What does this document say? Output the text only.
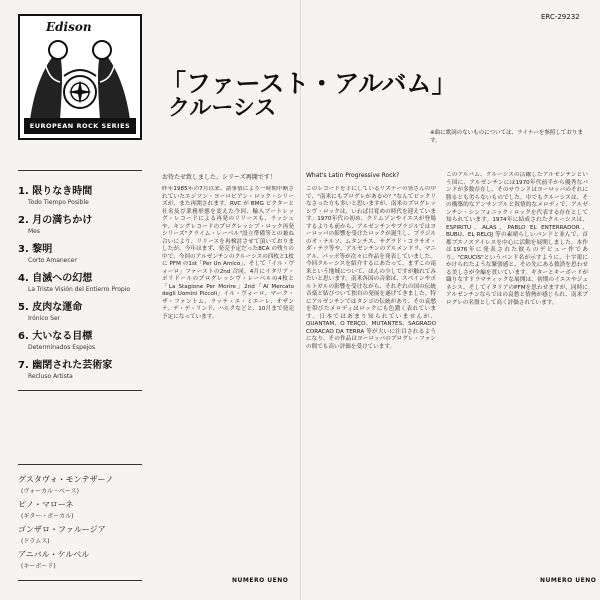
Edison
EUROPEAN ROCK SERIES
「ファースト・アルバム」
クルーシス
ERC-29232
※曲に歌詞のないものについては、ライナーを参照しております。
1. 限りなき時間
Todo Tiempo Posible
2. 月の満ちかけ
Mes
3. 黎明
Corto Amanecer
4. 自滅への幻想
La Triste Visión del Entierro Propio
5. 皮肉な運命
Irónico Ser
6. 大いなる目標
Determinados Espejos
7. 幽閉された芸術家
Recluso Artista
グスタヴォ・モンテザーノ
(ヴォーカル・ベース)
ピノ・マローネ
(ギター・ボーカル)
ゴンザロ・ファルージア
(ドラムス)
アニバル・ケルベル
(キーボード)
お待たせ致しました、シリーズ再開です！
昨年1985年の7月以来、諸事情により一時期中断されていたエジソン・ヨーロピアン・ロック・シリーズが、また再開されます。RVC が BMG ビクターと社名及び業務形態を変えた今回、輸入ブートレッグ・レコードによる再発のリリースも、ラッシュや、キングレコードのプログレッシブ・ロック再発シリーズ"クライム・レーベル"設立準備等との兼ね合いにより、リリースを再検討させて頂いておりましたが、今年はまず、発売予定だった8CA の残りの中で、今回のアルゼンチンのクルーシスの四枚と1枚に PFM の1st「Per Un Amico」、そして「イル・ヴォーロ」ファーストの2nd 合同、4月にイタリア・ポリドールのプログレッシヴ・レーベルの4枚と「La Stagione Per Morire」2nd「Al Mercato degli Uomini Piccoli」イル・ヴォーロ、マーク・ザ・ファントム、ラッテ・エ・ミエーレ、オザンナ、デ・デ・リンド、ハルクなどと、10月まで発売予定になっています。
NUMERO UENO
What's Latin Progressive Rock?
このレコードを手にしているリスナーの皆さんの中で、"南米にもプログレがあるの？"なんてビックリなさった方も多いと思いますが、南米のプログレッシヴ・ロックは、いわば目覚めの時代を迎えています。1970年代の初め、クリムゾンやイエスが登場するよりも前から、アルゼンチンやブラジルではヨーロッパの影響を受けたロックが誕生し、ブラジルのオ・テルソ、ムタンチス、サグラド・コラサオ・ダ・テラ等や、アルゼンチンのアルメンドラ、マニアル、パッポ等が次々に作品を発表していました。今回クルーシスを紹介するにあたって、まずこの南米という地域について、ほんの少しですが触れてみたいと思います。南米各国の音楽は、スペインやポルトガルの影響を受けながら、それぞれの国の伝統音楽と結びついて独自の発展を遂げてきました。特にアルゼンチンではタンゴの伝統があり、その哀愁を帯びたメロディはロックにも色濃く表れています。日本ではあまり知られていませんが、QUANTAM、O TERÇO、MUTANTES、SAGRADO CORACAO DA TERRA 等が大いに注目されるようになり、その作品はヨーロッパのプログレ・ファンの間でも高い評価を受けています。
このアルバム、クルーシスの活躍したアルゼンチンという国に、アルゼンチンには1970年代前半から優秀なバンドが多数存在し、そのサウンドはヨーロッパのそれに勝るとも劣らないものでした。中でもクルーシスは、その構築的なアンサンブルと叙情的なメロディで、アルゼンチン・シンフォニック・ロックを代表する存在として知られています。1974年に結成されたクルーシスは、ESPIRITU、ALAS、PABLO EL ENTERRADOR、BUBU、EL RELOJ 等の素晴らしいバンドと並んで、首都ブエノスアイレスを中心に活動を展開しました。本作は1976年に発表された彼らのデビュー作であり、"CRUCIS"というバンド名が示すように、十字架にかけられたような緊張感と、その先にある救済を思わせる美しさが全編を貫いています。ギターとキーボードが織りなすドラマティックな展開は、初期のイエスやジェネシス、そしてイタリアのPFMを思わせますが、同時にアルゼンチンならではの哀愁と情熱が感じられ、南米プログレの名盤として高く評価されています。
NUMERO UENO
